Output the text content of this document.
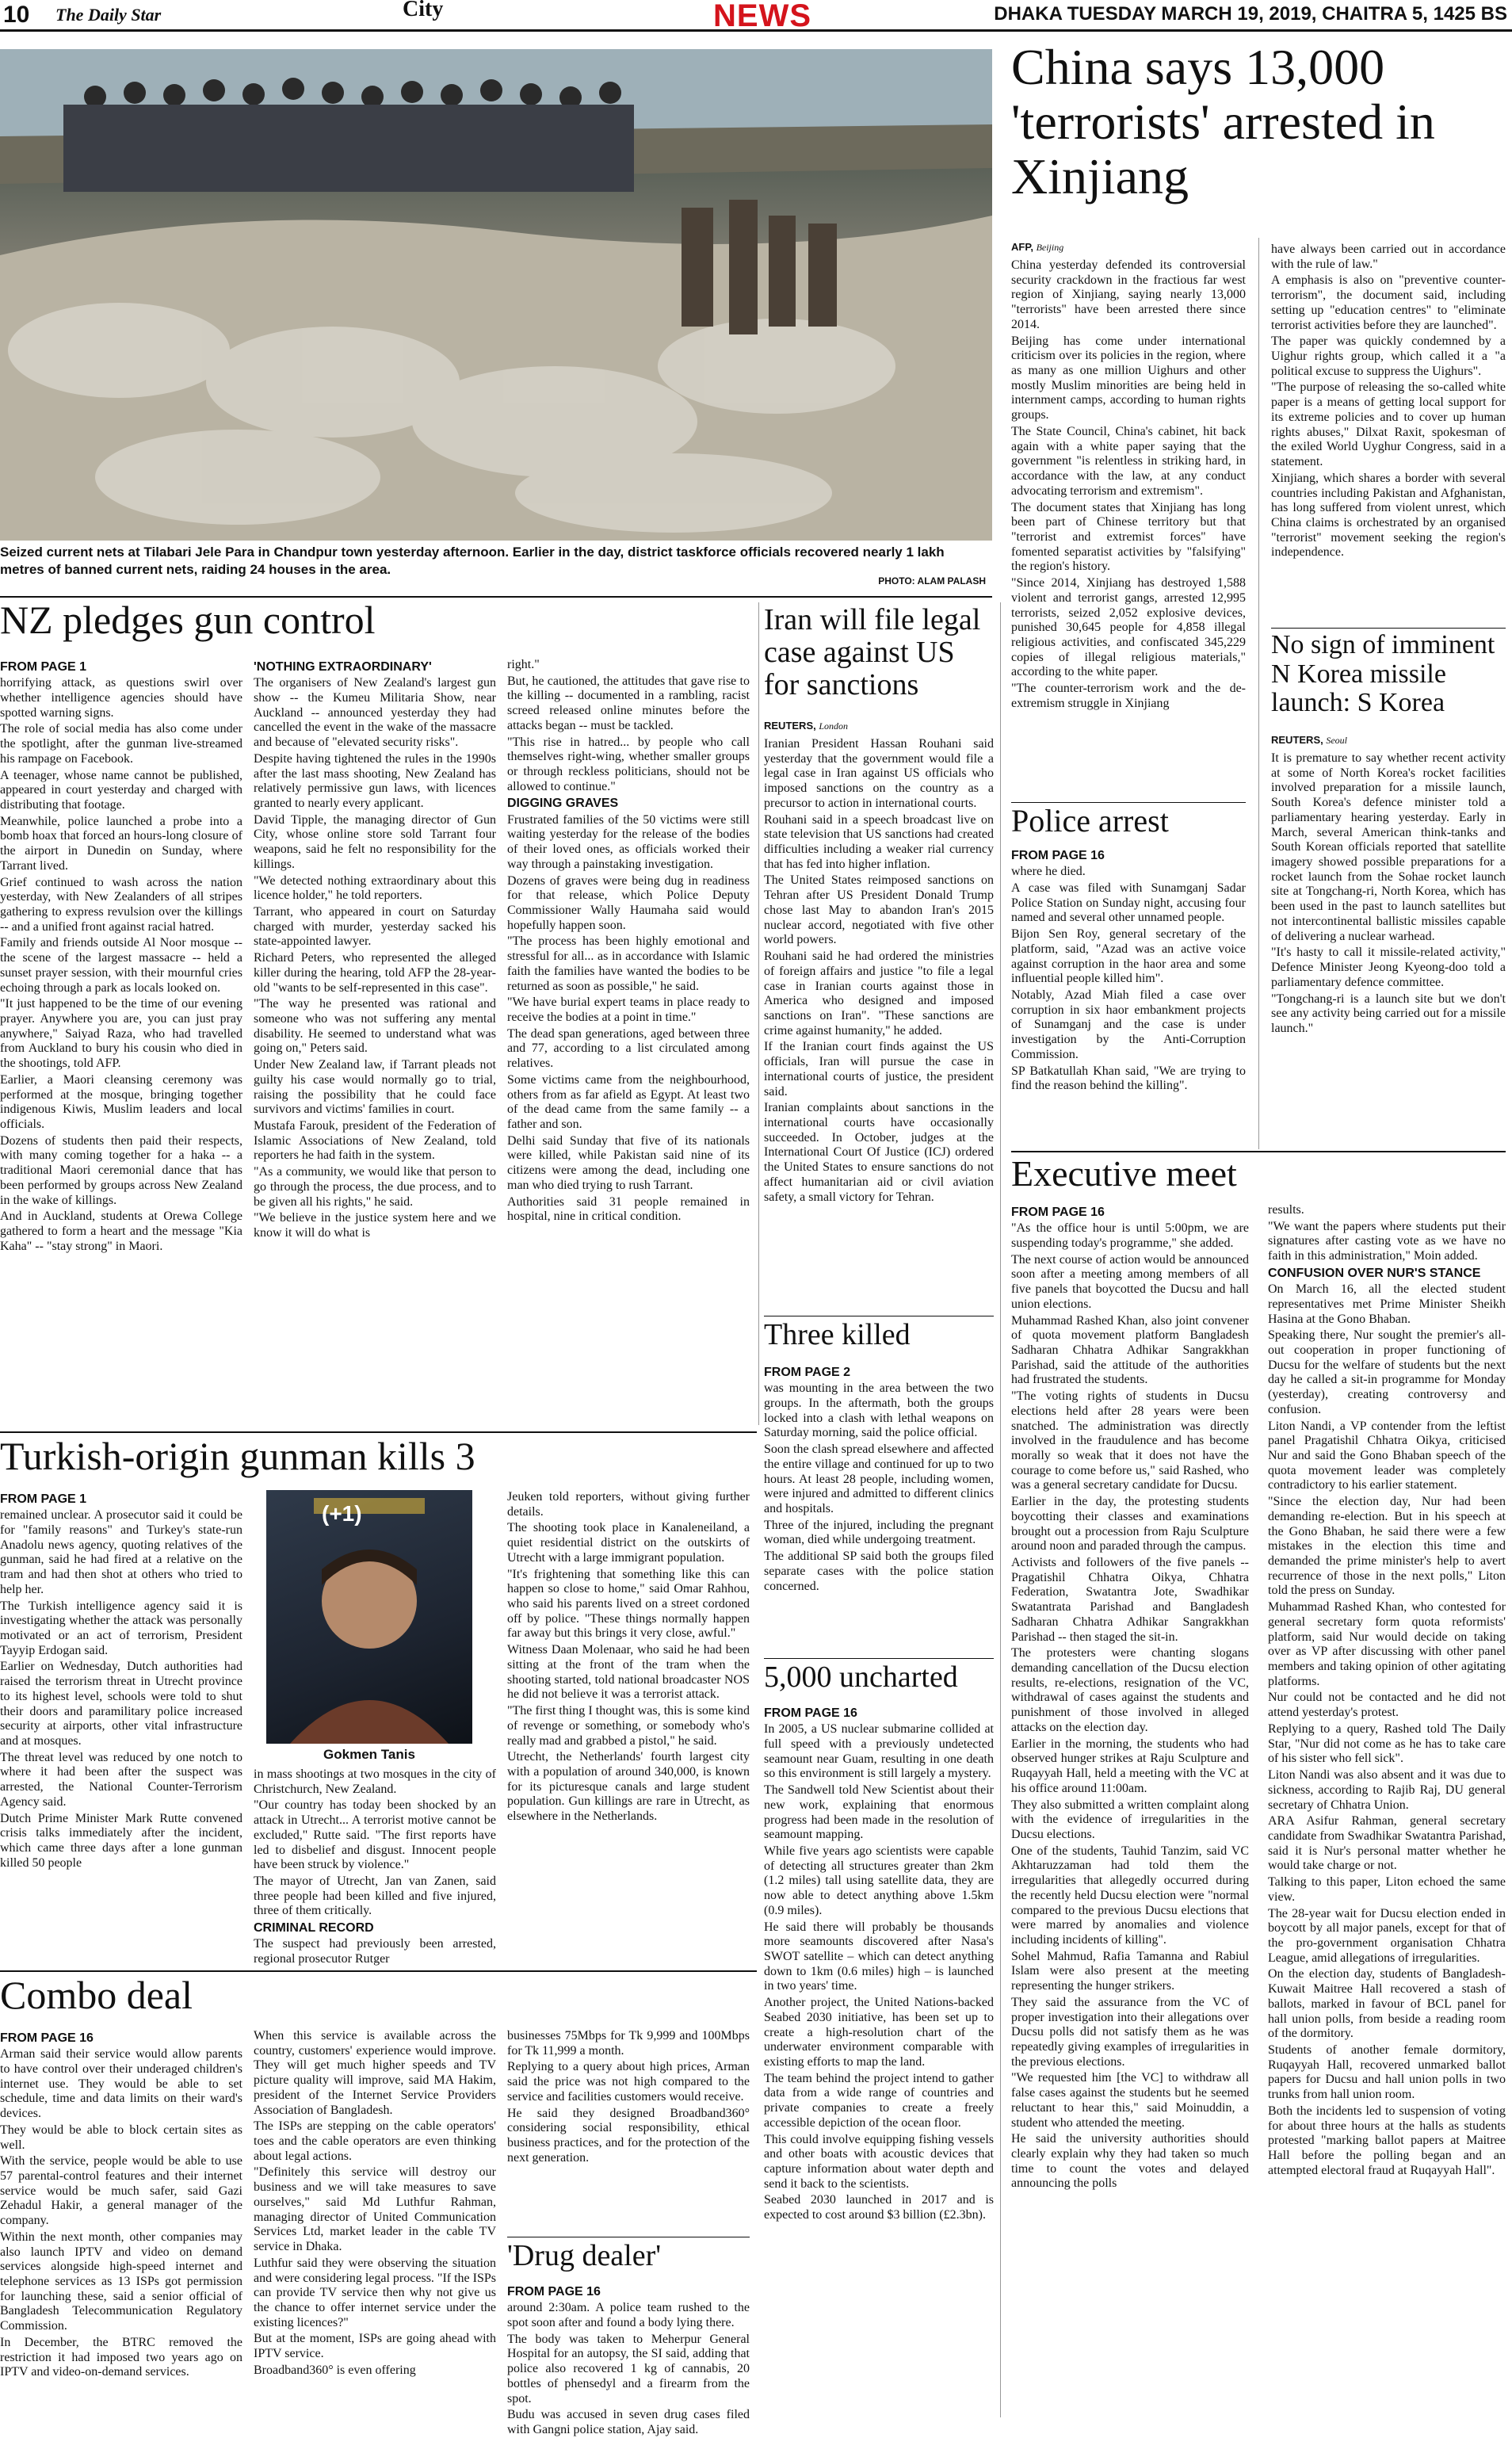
10 The Daily Star	City	NEWS	DHAKA TUESDAY MARCH 19, 2019, CHAITRA 5, 1425 BS
Seized current nets at Tilabari Jele Para in Chandpur town yesterday afternoon. Earlier in the day, district taskforce officials recovered nearly 1 lakh metres of banned current nets, raiding 24 houses in the area.
PHOTO: ALAM PALASH
NZ pledges gun control

FROM PAGE 1

horrifying attack, as questions swirl over whether intelligence agencies should have spotted warning signs.

The role of social media has also come under the spotlight, after the gunman live-streamed his rampage on Facebook.

A teenager, whose name cannot be published, appeared in court yesterday and charged with distributing that footage.

Meanwhile, police launched a probe into a bomb hoax that forced an hours-long closure of the airport in Dunedin on Sunday, where Tarrant lived.

Grief continued to wash across the nation yesterday, with New Zealanders of all stripes gathering to express revulsion over the killings -- and a unified front against racial hatred.

Family and friends outside Al Noor mosque -- the scene of the largest massacre -- held a sunset prayer session, with their mournful cries echoing through a park as locals looked on.

"It just happened to be the time of our evening prayer. Anywhere you are, you can just pray anywhere," Saiyad Raza, who had travelled from Auckland to bury his cousin who died in the shootings, told AFP.

Earlier, a Maori cleansing ceremony was performed at the mosque, bringing together indigenous Kiwis, Muslim leaders and local officials.

Dozens of students then paid their respects, with many coming together for a haka -- a traditional Maori ceremonial dance that has been performed by groups across New Zealand in the wake of killings.

And in Auckland, students at Orewa College gathered to form a heart and the message "Kia Kaha" -- "stay strong" in Maori.

'NOTHING EXTRAORDINARY'

The organisers of New Zealand's largest gun show -- the Kumeu Militaria Show, near Auckland -- announced yesterday they had cancelled the event in the wake of the massacre and because of "elevated security risks".

Despite having tightened the rules in the 1990s after the last mass shooting, New Zealand has relatively permissive gun laws, with licences granted to nearly every applicant.

David Tipple, the managing director of Gun City, whose online store sold Tarrant four weapons, said he felt no responsibility for the killings.

"We detected nothing extraordinary about this licence holder," he told reporters.

Tarrant, who appeared in court on Saturday charged with murder, yesterday sacked his state-appointed lawyer.

Richard Peters, who represented the alleged killer during the hearing, told AFP the 28-year-old "wants to be self-represented in this case".

"The way he presented was rational and someone who was not suffering any mental disability. He seemed to understand what was going on," Peters said.

Under New Zealand law, if Tarrant pleads not guilty his case would normally go to trial, raising the possibility that he could face survivors and victims' families in court.

Mustafa Farouk, president of the Federation of Islamic Associations of New Zealand, told reporters he had faith in the system.

"As a community, we would like that person to go through the process, the due process, and to be given all his rights," he said.

"We believe in the justice system here and we know it will do what is

right."

But, he cautioned, the attitudes that gave rise to the killing -- documented in a rambling, racist screed released online minutes before the attacks began -- must be tackled.

"This rise in hatred... by people who call themselves right-wing, whether smaller groups or through reckless politicians, should not be allowed to continue."

DIGGING GRAVES

Frustrated families of the 50 victims were still waiting yesterday for the release of the bodies of their loved ones, as officials worked their way through a painstaking investigation.

Dozens of graves were being dug in readiness for that release, which Police Deputy Commissioner Wally Haumaha said would hopefully happen soon.

"The process has been highly emotional and stressful for all... as in accordance with Islamic faith the families have wanted the bodies to be returned as soon as possible," he said.

"We have burial expert teams in place ready to receive the bodies at a point in time."

The dead span generations, aged between three and 77, according to a list circulated among relatives.

Some victims came from the neighbourhood, others from as far afield as Egypt. At least two of the dead came from the same family -- a father and son.

Delhi said Sunday that five of its nationals were killed, while Pakistan said nine of its citizens were among the dead, including one man who died trying to rush Tarrant.

Authorities said 31 people remained in hospital, nine in critical condition.

Iran will file legal case against US for sanctions
REUTERS, London

Iranian President Hassan Rouhani said yesterday that the government would file a legal case in Iran against US officials who imposed sanctions on the country as a precursor to action in international courts.

Rouhani said in a speech broadcast live on state television that US sanctions had created difficulties including a weaker rial currency that has fed into higher inflation.

The United States reimposed sanctions on Tehran after US President Donald Trump chose last May to abandon Iran's 2015 nuclear accord, negotiated with five other world powers.

Rouhani said he had ordered the ministries of foreign affairs and justice "to file a legal case in Iranian courts against those in America who designed and imposed sanctions on Iran". "These sanctions are crime against humanity," he added.

If the Iranian court finds against the US officials, Iran will pursue the case in international courts of justice, the president said.

Iranian complaints about sanctions in the international courts have occasionally succeeded. In October, judges at the International Court Of Justice (ICJ) ordered the United States to ensure sanctions do not affect humanitarian aid or civil aviation safety, a small victory for Tehran.

Three killed

FROM PAGE 2

was mounting in the area between the two groups. In the aftermath, both the groups locked into a clash with lethal weapons on Saturday morning, said the police official.

Soon the clash spread elsewhere and affected the entire village and continued for up to two hours. At least 28 people, including women, were injured and admitted to different clinics and hospitals.

Three of the injured, including the pregnant woman, died while undergoing treatment.

The additional SP said both the groups filed separate cases with the police station concerned.

5,000 uncharted

FROM PAGE 16

In 2005, a US nuclear submarine collided at full speed with a previously undetected seamount near Guam, resulting in one death so this environment is still largely a mystery.

The Sandwell told New Scientist about their new work, explaining that enormous progress had been made in the resolution of seamount mapping.

While five years ago scientists were capable of detecting all structures greater than 2km (1.2 miles) tall using satellite data, they are now able to detect anything above 1.5km (0.9 miles).

He said there will probably be thousands more seamounts discovered after Nasa's SWOT satellite – which can detect anything down to 1km (0.6 miles) high – is launched in two years' time.

Another project, the United Nations-backed Seabed 2030 initiative, has been set up to create a high-resolution chart of the underwater environment comparable with existing efforts to map the land.

The team behind the project intend to gather data from a wide range of countries and private companies to create a freely accessible depiction of the ocean floor.

This could involve equipping fishing vessels and other boats with acoustic devices that capture information about water depth and send it back to the scientists.

Seabed 2030 launched in 2017 and is expected to cost around $3 billion (£2.3bn).

China says 13,000 'terrorists' arrested in Xinjiang
AFP, Beijing

China yesterday defended its controversial security crackdown in the fractious far west region of Xinjiang, saying nearly 13,000 "terrorists" have been arrested there since 2014.

Beijing has come under international criticism over its policies in the region, where as many as one million Uighurs and other mostly Muslim minorities are being held in internment camps, according to human rights groups.

The State Council, China's cabinet, hit back again with a white paper saying that the government "is relentless in striking hard, in accordance with the law, at any conduct advocating terrorism and extremism".

The document states that Xinjiang has long been part of Chinese territory but that "terrorist and extremist forces" have fomented separatist activities by "falsifying" the region's history.

"Since 2014, Xinjiang has destroyed 1,588 violent and terrorist gangs, arrested 12,995 terrorists, seized 2,052 explosive devices, punished 30,645 people for 4,858 illegal religious activities, and confiscated 345,229 copies of illegal religious materials," according to the white paper.

"The counter-terrorism work and the de-extremism struggle in Xinjiang

have always been carried out in accordance with the rule of law."

A emphasis is also on "preventive counter-terrorism", the document said, including setting up "education centres" to "eliminate terrorist activities before they are launched".

The paper was quickly condemned by a Uighur rights group, which called it a "a political excuse to suppress the Uighurs".

"The purpose of releasing the so-called white paper is a means of getting local support for its extreme policies and to cover up human rights abuses," Dilxat Raxit, spokesman of the exiled World Uyghur Congress, said in a statement.

Xinjiang, which shares a border with several countries including Pakistan and Afghanistan, has long suffered from violent unrest, which China claims is orchestrated by an organised "terrorist" movement seeking the region's independence.

No sign of imminent N Korea missile launch: S Korea
REUTERS, Seoul

It is premature to say whether recent activity at some of North Korea's rocket facilities involved preparation for a missile launch, South Korea's defence minister told a parliamentary hearing yesterday. Early in March, several American think-tanks and South Korean officials reported that satellite imagery showed possible preparations for a rocket launch from the Sohae rocket launch site at Tongchang-ri, North Korea, which has been used in the past to launch satellites but not intercontinental ballistic missiles capable of delivering a nuclear warhead.

"It's hasty to call it missile-related activity," Defence Minister Jeong Kyeong-doo told a parliamentary defence committee.

"Tongchang-ri is a launch site but we don't see any activity being carried out for a missile launch."

Police arrest

FROM PAGE 16

where he died.

A case was filed with Sunamganj Sadar Police Station on Sunday night, accusing four named and several other unnamed people.

Bijon Sen Roy, general secretary of the platform, said, "Azad was an active voice against corruption in the haor area and some influential people killed him".

Notably, Azad Miah filed a case over corruption in six haor embankment projects of Sunamganj and the case is under investigation by the Anti-Corruption Commission.

SP Batkatullah Khan said, "We are trying to find the reason behind the killing".

Executive meet

FROM PAGE 16

"As the office hour is until 5:00pm, we are suspending today's programme," she added.

The next course of action would be announced soon after a meeting among members of all five panels that boycotted the Ducsu and hall union elections.

Muhammad Rashed Khan, also joint convener of quota movement platform Bangladesh Sadharan Chhatra Adhikar Sangrakkhan Parishad, said the attitude of the authorities had frustrated the students.

"The voting rights of students in Ducsu elections held after 28 years were been snatched. The administration was directly involved in the fraudulence and has become morally so weak that it does not have the courage to come before us," said Rashed, who was a general secretary candidate for Ducsu.

Earlier in the day, the protesting students boycotting their classes and examinations brought out a procession from Raju Sculpture around noon and paraded through the campus.

Activists and followers of the five panels -- Pragatishil Chhatra Oikya, Chhatra Federation, Swatantra Jote, Swadhikar Swatantrata Parishad and Bangladesh Sadharan Chhatra Adhikar Sangrakkhan Parishad -- then staged the sit-in.

The protesters were chanting slogans demanding cancellation of the Ducsu election results, re-elections, resignation of the VC, withdrawal of cases against the students and punishment of those involved in alleged attacks on the election day.

Earlier in the morning, the students who had observed hunger strikes at Raju Sculpture and Ruqayyah Hall, held a meeting with the VC at his office around 11:00am.

They also submitted a written complaint along with the evidence of irregularities in the Ducsu elections.

One of the students, Tauhid Tanzim, said VC Akhtaruzzaman had told them the irregularities that allegedly occurred during the recently held Ducsu election were "normal compared to the previous Ducsu elections that were marred by anomalies and violence including incidents of killing".

Sohel Mahmud, Rafia Tamanna and Rabiul Islam were also present at the meeting representing the hunger strikers.

They said the assurance from the VC of proper investigation into their allegations over Ducsu polls did not satisfy them as he was repeatedly giving examples of irregularities in the previous elections.

"We requested him [the VC] to withdraw all false cases against the students but he seemed reluctant to hear this," said Moinuddin, a student who attended the meeting.

He said the university authorities should clearly explain why they had taken so much time to count the votes and delayed announcing the polls

results.

"We want the papers where students put their signatures after casting vote as we have no faith in this administration," Moin added.

CONFUSION OVER NUR'S STANCE

On March 16, all the elected student representatives met Prime Minister Sheikh Hasina at the Gono Bhaban.

Speaking there, Nur sought the premier's all-out cooperation in proper functioning of Ducsu for the welfare of students but the next day he called a sit-in programme for Monday (yesterday), creating controversy and confusion.

Liton Nandi, a VP contender from the leftist panel Pragatishil Chhatra Oikya, criticised Nur and said the Gono Bhaban speech of the quota movement leader was completely contradictory to his earlier statement.

"Since the election day, Nur had been demanding re-election. But in his speech at the Gono Bhaban, he said there were a few mistakes in the election this time and demanded the prime minister's help to avert recurrence of those in the next polls," Liton told the press on Sunday.

Muhammad Rashed Khan, who contested for general secretary form quota reformists' platform, said Nur would decide on taking over as VP after discussing with other panel members and taking opinion of other agitating platforms.

Nur could not be contacted and he did not attend yesterday's protest.

Replying to a query, Rashed told The Daily Star, "Nur did not come as he has to take care of his sister who fell sick".

Liton Nandi was also absent and it was due to sickness, according to Rajib Raj, DU general secretary of Chhatra Union.

ARA Asifur Rahman, general secretary candidate from Swadhikar Swatantra Parishad, said it is Nur's personal matter whether he would take charge or not.

Talking to this paper, Liton echoed the same view.

The 28-year wait for Ducsu election ended in boycott by all major panels, except for that of the pro-government organisation Chhatra League, amid allegations of irregularities.

On the election day, students of Bangladesh-Kuwait Maitree Hall recovered a stash of ballots, marked in favour of BCL panel for hall union polls, from beside a reading room of the dormitory.

Students of another female dormitory, Ruqayyah Hall, recovered unmarked ballot papers for Ducsu and hall union polls in two trunks from hall union room.

Both the incidents led to suspension of voting for about three hours at the halls as students protested "marking ballot papers at Maitree Hall before the polling began and an attempted electoral fraud at Ruqayyah Hall".

Turkish-origin gunman kills 3

FROM PAGE 1

remained unclear. A prosecutor said it could be for "family reasons" and Turkey's state-run Anadolu news agency, quoting relatives of the gunman, said he had fired at a relative on the tram and had then shot at others who tried to help her.

The Turkish intelligence agency said it is investigating whether the attack was personally motivated or an act of terrorism, President Tayyip Erdogan said.

Earlier on Wednesday, Dutch authorities had raised the terrorism threat in Utrecht province to its highest level, schools were told to shut their doors and paramilitary police increased security at airports, other vital infrastructure and at mosques.

The threat level was reduced by one notch to where it had been after the suspect was arrested, the National Counter-Terrorism Agency said.

Dutch Prime Minister Mark Rutte convened crisis talks immediately after the incident, which came three days after a lone gunman killed 50 people

(+1)
Gokmen Tanis

in mass shootings at two mosques in the city of Christchurch, New Zealand.

"Our country has today been shocked by an attack in Utrecht... A terrorist motive cannot be excluded," Rutte said. "The first reports have led to disbelief and disgust. Innocent people have been struck by violence."

The mayor of Utrecht, Jan van Zanen, said three people had been killed and five injured, three of them critically.

CRIMINAL RECORD

The suspect had previously been arrested, regional prosecutor Rutger

Jeuken told reporters, without giving further details.

The shooting took place in Kanaleneiland, a quiet residential district on the outskirts of Utrecht with a large immigrant population.

"It's frightening that something like this can happen so close to home," said Omar Rahhou, who said his parents lived on a street cordoned off by police. "These things normally happen far away but this brings it very close, awful."

Witness Daan Molenaar, who said he had been sitting at the front of the tram when the shooting started, told national broadcaster NOS he did not believe it was a terrorist attack.

"The first thing I thought was, this is some kind of revenge or something, or somebody who's really mad and grabbed a pistol," he said.

Utrecht, the Netherlands' fourth largest city with a population of around 340,000, is known for its picturesque canals and large student population. Gun killings are rare in Utrecht, as elsewhere in the Netherlands.

Combo deal

FROM PAGE 16

Arman said their service would allow parents to have control over their underaged children's internet use. They would be able to set schedule, time and data limits on their ward's devices.

They would be able to block certain sites as well.

With the service, people would be able to use 57 parental-control features and their internet service would be much safer, said Gazi Zehadul Hakir, a general manager of the company.

Within the next month, other companies may also launch IPTV and video on demand services alongside high-speed internet and telephone services as 13 ISPs got permission for launching these, said a senior official of Bangladesh Telecommunication Regulatory Commission.

In December, the BTRC removed the restriction it had imposed two years ago on IPTV and video-on-demand services.

When this service is available across the country, customers' experience would improve. They will get much higher speeds and TV picture quality will improve, said MA Hakim, president of the Internet Service Providers Association of Bangladesh.

The ISPs are stepping on the cable operators' toes and the cable operators are even thinking about legal actions.

"Definitely this service will destroy our business and we will take measures to save ourselves," said Md Luthfur Rahman, managing director of United Communication Services Ltd, market leader in the cable TV service in Dhaka.

Luthfur said they were observing the situation and were considering legal process. "If the ISPs can provide TV service then why not give us the chance to offer internet service under the existing licences?"

But at the moment, ISPs are going ahead with IPTV service.

Broadband360° is even offering

businesses 75Mbps for Tk 9,999 and 100Mbps for Tk 11,999 a month.

Replying to a query about high prices, Arman said the price was not high compared to the service and facilities customers would receive.

He said they designed Broadband360° considering social responsibility, ethical business practices, and for the protection of the next generation.

'Drug dealer'

FROM PAGE 16

around 2:30am. A police team rushed to the spot soon after and found a body lying there.

The body was taken to Meherpur General Hospital for an autopsy, the SI said, adding that police also recovered 1 kg of cannabis, 20 bottles of phensedyl and a firearm from the spot.

Budu was accused in seven drug cases filed with Gangni police station, Ajay said.
